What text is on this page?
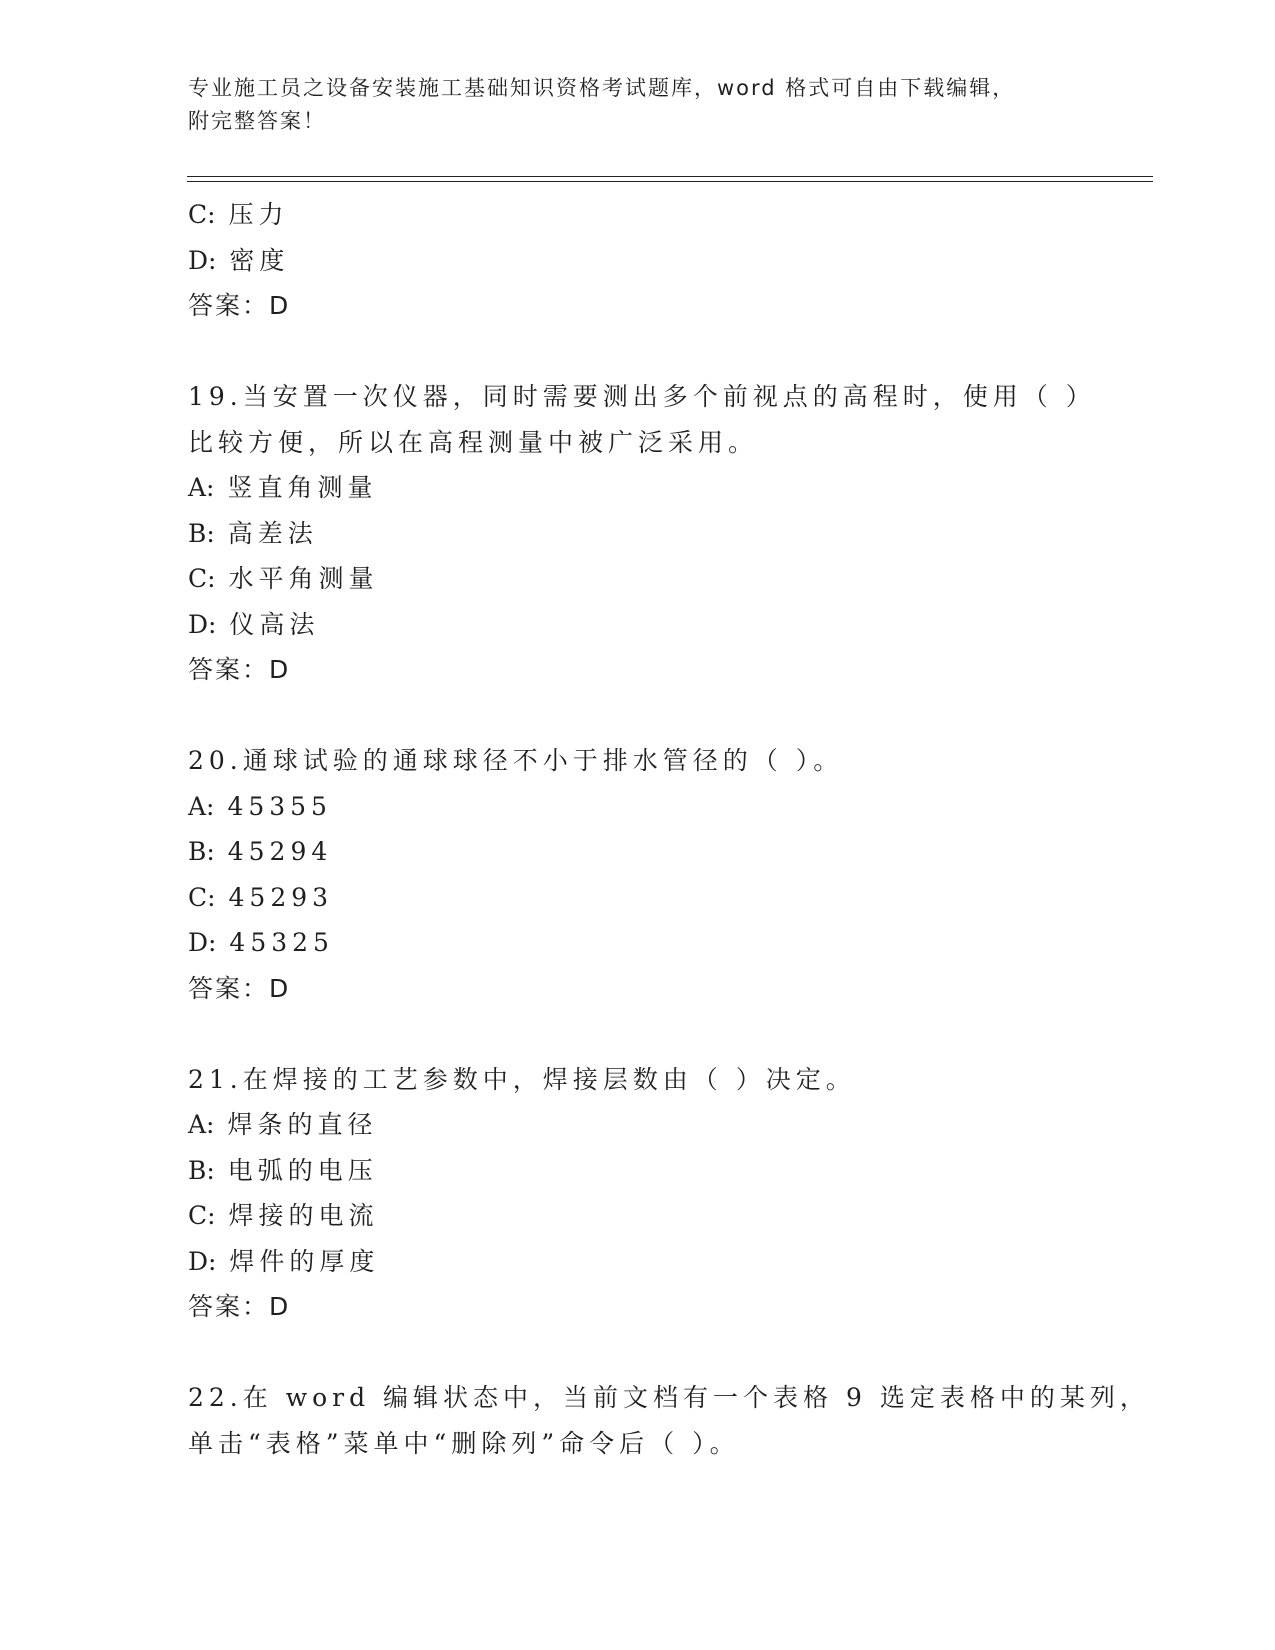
专业施工员之设备安装施工基础知识资格考试题库，word 格式可自由下载编辑，
附完整答案！
C: 压力
D: 密度
答案：D
19.当安置一次仪器，同时需要测出多个前视点的高程时，使用（ ）
比较方便，所以在高程测量中被广泛采用。
A: 竖直角测量
B: 高差法
C: 水平角测量
D: 仪高法
答案：D
20.通球试验的通球球径不小于排水管径的（ ）。
A: 45355
B: 45294
C: 45293
D: 45325
答案：D
21.在焊接的工艺参数中，焊接层数由（ ）决定。
A: 焊条的直径
B: 电弧的电压
C: 焊接的电流
D: 焊件的厚度
答案：D
22.在 word 编辑状态中，当前文档有一个表格 9 选定表格中的某列，
单击“表格”菜单中“删除列”命令后（ ）。
